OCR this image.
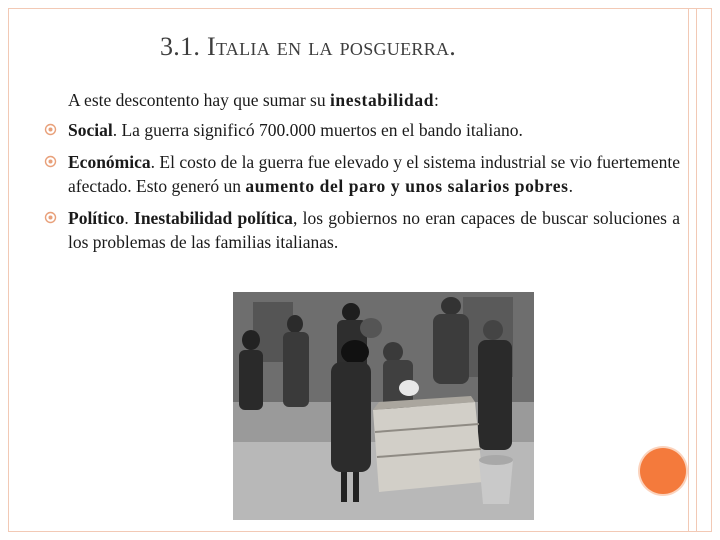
3.1. Italia en la posguerra.
A este descontento hay que sumar su inestabilidad:
Social. La guerra significó 700.000 muertos en el bando italiano.
Económica. El costo de la guerra fue elevado y el sistema industrial se vio fuertemente afectado. Esto generó un aumento del paro y unos salarios pobres.
Político. Inestabilidad política, los gobiernos no eran capaces de buscar soluciones a los problemas de las familias italianas.
